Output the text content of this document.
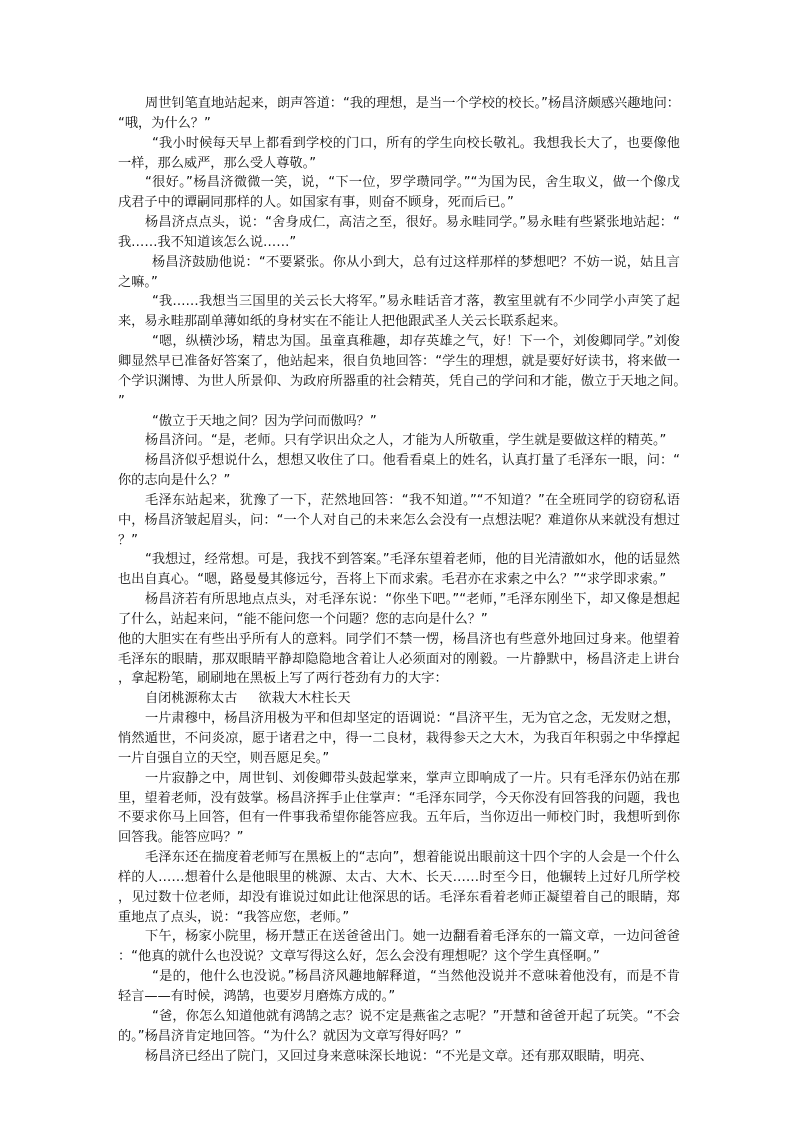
周世钊笔直地站起来，朗声答道：“我的理想，是当一个学校的校长。”杨昌济颇感兴趣地问：“哦，为什么？”

“我小时候每天早上都看到学校的门口，所有的学生向校长敬礼。我想我长大了，也要像他一样，那么威严，那么受人尊敬。”

“很好。”杨昌济微微一笑，说，“下一位，罗学瓒同学。”“为国为民，舍生取义，做一个像戊戌君子中的谭嗣同那样的人。如国家有事，则奋不顾身，死而后已。”

杨昌济点点头，说：“舍身成仁，高洁之至，很好。易永畦同学。”易永畦有些紧张地站起：“我……我不知道该怎么说……”

杨昌济鼓励他说：“不要紧张。你从小到大，总有过这样那样的梦想吧？不妨一说，姑且言之嘛。”

“我……我想当三国里的关云长大将军。”易永畦话音才落，教室里就有不少同学小声笑了起来，易永畦那副单薄如纸的身材实在不能让人把他跟武圣人关云长联系起来。

“嗯，纵横沙场，精忠为国。虽童真稚趣，却存英雄之气，好！下一个，刘俊卿同学。”刘俊卿显然早已准备好答案了，他站起来，很自负地回答：“学生的理想，就是要好好读书，将来做一个学识渊博、为世人所景仰、为政府所器重的社会精英，凭自己的学问和才能，傲立于天地之间。”

“傲立于天地之间？因为学问而傲吗？”

杨昌济问。“是，老师。只有学识出众之人，才能为人所敬重，学生就是要做这样的精英。”

杨昌济似乎想说什么，想想又收住了口。他看看桌上的姓名，认真打量了毛泽东一眼，问：“你的志向是什么？”

毛泽东站起来，犹豫了一下，茫然地回答：“我不知道。”“不知道？”在全班同学的窃窃私语中，杨昌济皱起眉头，问：“一个人对自己的未来怎么会没有一点想法呢？难道你从来就没有想过？”

“我想过，经常想。可是，我找不到答案。”毛泽东望着老师，他的目光清澈如水，他的话显然也出自真心。“嗯，路曼曼其修远兮，吾将上下而求索。毛君亦在求索之中么？”“求学即求索。”

杨昌济若有所思地点点头，对毛泽东说：“你坐下吧。”“老师，”毛泽东刚坐下，却又像是想起了什么，站起来问，“能不能问您一个问题？您的志向是什么？”

他的大胆实在有些出乎所有人的意料。同学们不禁一愣，杨昌济也有些意外地回过身来。他望着毛泽东的眼睛，那双眼睛平静却隐隐地含着让人必须面对的刚毅。一片静默中，杨昌济走上讲台，拿起粉笔，刷刷地在黑板上写了两行苍劲有力的大字：

自闭桃源称太古     欲栽大木柱长天

一片肃穆中，杨昌济用极为平和但却坚定的语调说：“昌济平生，无为官之念，无发财之想，悄然遁世，不问炎凉，愿于诸君之中，得一二良材，栽得参天之大木，为我百年积弱之中华撑起一片自强自立的天空，则吾愿足矣。”

一片寂静之中，周世钊、刘俊卿带头鼓起掌来，掌声立即响成了一片。只有毛泽东仍站在那里，望着老师，没有鼓掌。杨昌济挥手止住掌声：“毛泽东同学，今天你没有回答我的问题，我也不要求你马上回答，但有一件事我希望你能答应我。五年后，当你迈出一师校门时，我想听到你回答我。能答应吗？”

毛泽东还在揣度着老师写在黑板上的“志向”，想着能说出眼前这十四个字的人会是一个什么样的人……想着什么是他眼里的桃源、太古、大木、长天……时至今日，他辗转上过好几所学校，见过数十位老师，却没有谁说过如此让他深思的话。毛泽东看着老师正凝望着自己的眼睛，郑重地点了点头，说：“我答应您，老师。”

下午，杨家小院里，杨开慧正在送爸爸出门。她一边翻看着毛泽东的一篇文章，一边问爸爸：“他真的就什么也没说？文章写得这么好，怎么会没有理想呢？这个学生真怪啊。”

“是的，他什么也没说。”杨昌济风趣地解释道，“当然他没说并不意味着他没有，而是不肯轻言——有时候，鸿鹄，也要岁月磨炼方成的。”

“爸，你怎么知道他就有鸿鹄之志？说不定是燕雀之志呢？”开慧和爸爸开起了玩笑。“不会的。”杨昌济肯定地回答。“为什么？就因为文章写得好吗？”

杨昌济已经出了院门，又回过身来意味深长地说：“不光是文章。还有那双眼睛，明亮、
